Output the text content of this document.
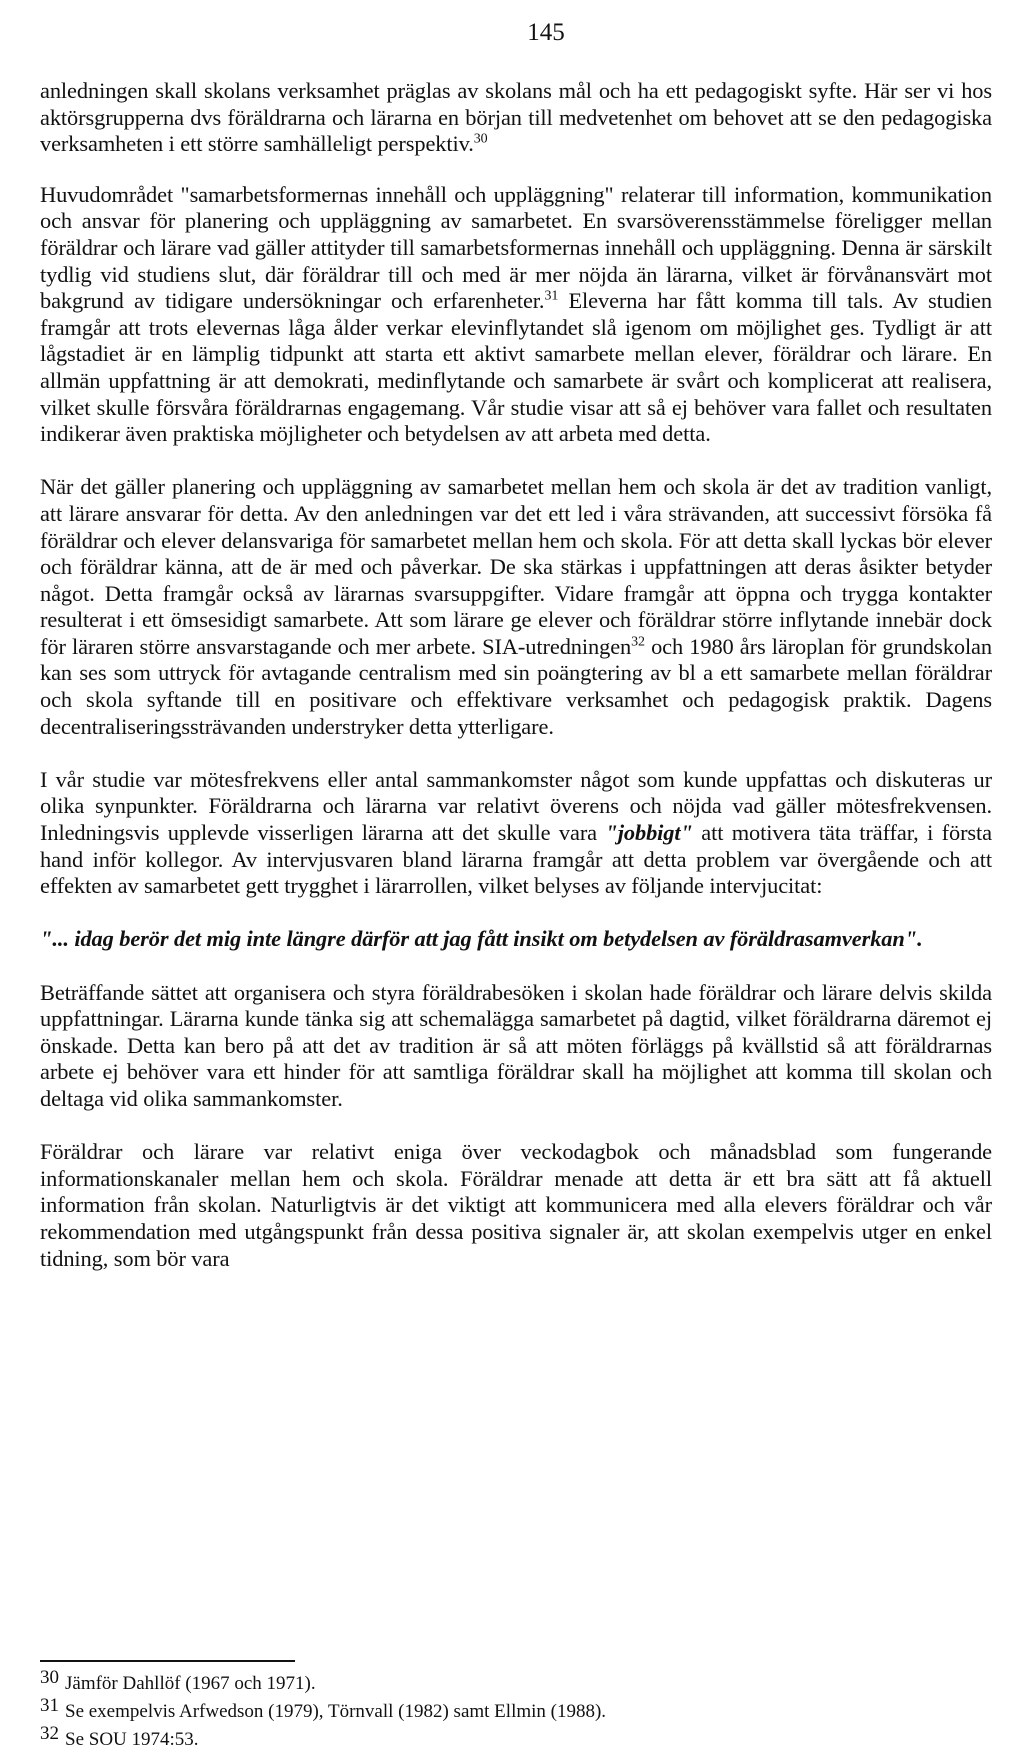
145

anledningen skall skolans verksamhet präglas av skolans mål och ha ett pedagogiskt syfte. Här ser vi hos aktörsgrupperna dvs föräldrarna och lärarna en början till medvetenhet om behovet att se den pedagogiska verksamheten i ett större samhälleligt perspektiv.$^{30}$

Huvudområdet "samarbetsformernas innehåll och uppläggning" relaterar till information, kommunikation och ansvar för planering och uppläggning av samarbetet. En svarsöverensstämmelse föreligger mellan föräldrar och lärare vad gäller attityder till samarbetsformernas innehåll och uppläggning. Denna är särskilt tydlig vid studiens slut, där föräldrar till och med är mer nöjda än lärarna, vilket är förvånansvärt mot bakgrund av tidigare undersökningar och erfarenheter.$^{31}$ Eleverna har fått komma till tals. Av studien framgår att trots elevernas låga ålder verkar elevinflytandet slå igenom om möjlighet ges. Tydligt är att lågstadiet är en lämplig tidpunkt att starta ett aktivt samarbete mellan elever, föräldrar och lärare. En allmän uppfattning är att demokrati, medinflytande och samarbete är svårt och komplicerat att realisera, vilket skulle försvåra föräldrarnas engagemang. Vår studie visar att så ej behöver vara fallet och resultaten indikerar även praktiska möjligheter och betydelsen av att arbeta med detta.

När det gäller planering och uppläggning av samarbetet mellan hem och skola är det av tradition vanligt, att lärare ansvarar för detta. Av den anledningen var det ett led i våra strävanden, att successivt försöka få föräldrar och elever delansvariga för samarbetet mellan hem och skola. För att detta skall lyckas bör elever och föräldrar känna, att de är med och påverkar. De ska stärkas i uppfattningen att deras åsikter betyder något. Detta framgår också av lärarnas svarsuppgifter. Vidare framgår att öppna och trygga kontakter resulterat i ett ömsesidigt samarbete. Att som lärare ge elever och föräldrar större inflytande innebär dock för läraren större ansvarstagande och mer arbete. SIA-utredningen$^{32}$ och 1980 års läroplan för grundskolan kan ses som uttryck för avtagande centralism med sin poängtering av bl a ett samarbete mellan föräldrar och skola syftande till en positivare och effektivare verksamhet och pedagogisk praktik. Dagens decentraliseringssträvanden understryker detta ytterligare.

I vår studie var mötesfrekvens eller antal sammankomster något som kunde uppfattas och diskuteras ur olika synpunkter. Föräldrarna och lärarna var relativt överens och nöjda vad gäller mötesfrekvensen. Inledningsvis upplevde visserligen lärarna att det skulle vara "jobbigt" att motivera täta träffar, i första hand inför kollegor. Av intervjusvaren bland lärarna framgår att detta problem var övergående och att effekten av samarbetet gett trygghet i lärarrollen, vilket belyses av följande intervjucitat:

"... idag berör det mig inte längre därför att jag fått insikt om betydelsen av föräldrasamverkan".

Beträffande sättet att organisera och styra föräldrabesöken i skolan hade föräldrar och lärare delvis skilda uppfattningar. Lärarna kunde tänka sig att schemalägga samarbetet på dagtid, vilket föräldrarna däremot ej önskade. Detta kan bero på att det av tradition är så att möten förläggs på kvällstid så att föräldrarnas arbete ej behöver vara ett hinder för att samtliga föräldrar skall ha möjlighet att komma till skolan och deltaga vid olika sammankomster.

Föräldrar och lärare var relativt eniga över veckodagbok och månadsblad som fungerande informationskanaler mellan hem och skola. Föräldrar menade att detta är ett bra sätt att få aktuell information från skolan. Naturligtvis är det viktigt att kommunicera med alla elevers föräldrar och vår rekommendation med utgångspunkt från dessa positiva signaler är, att skolan exempelvis utger en enkel tidning, som bör vara

30 Jämför Dahllöf (1967 och 1971).
31 Se exempelvis Arfwedson (1979), Törnvall (1982) samt Ellmin (1988).
32 Se SOU 1974:53.
